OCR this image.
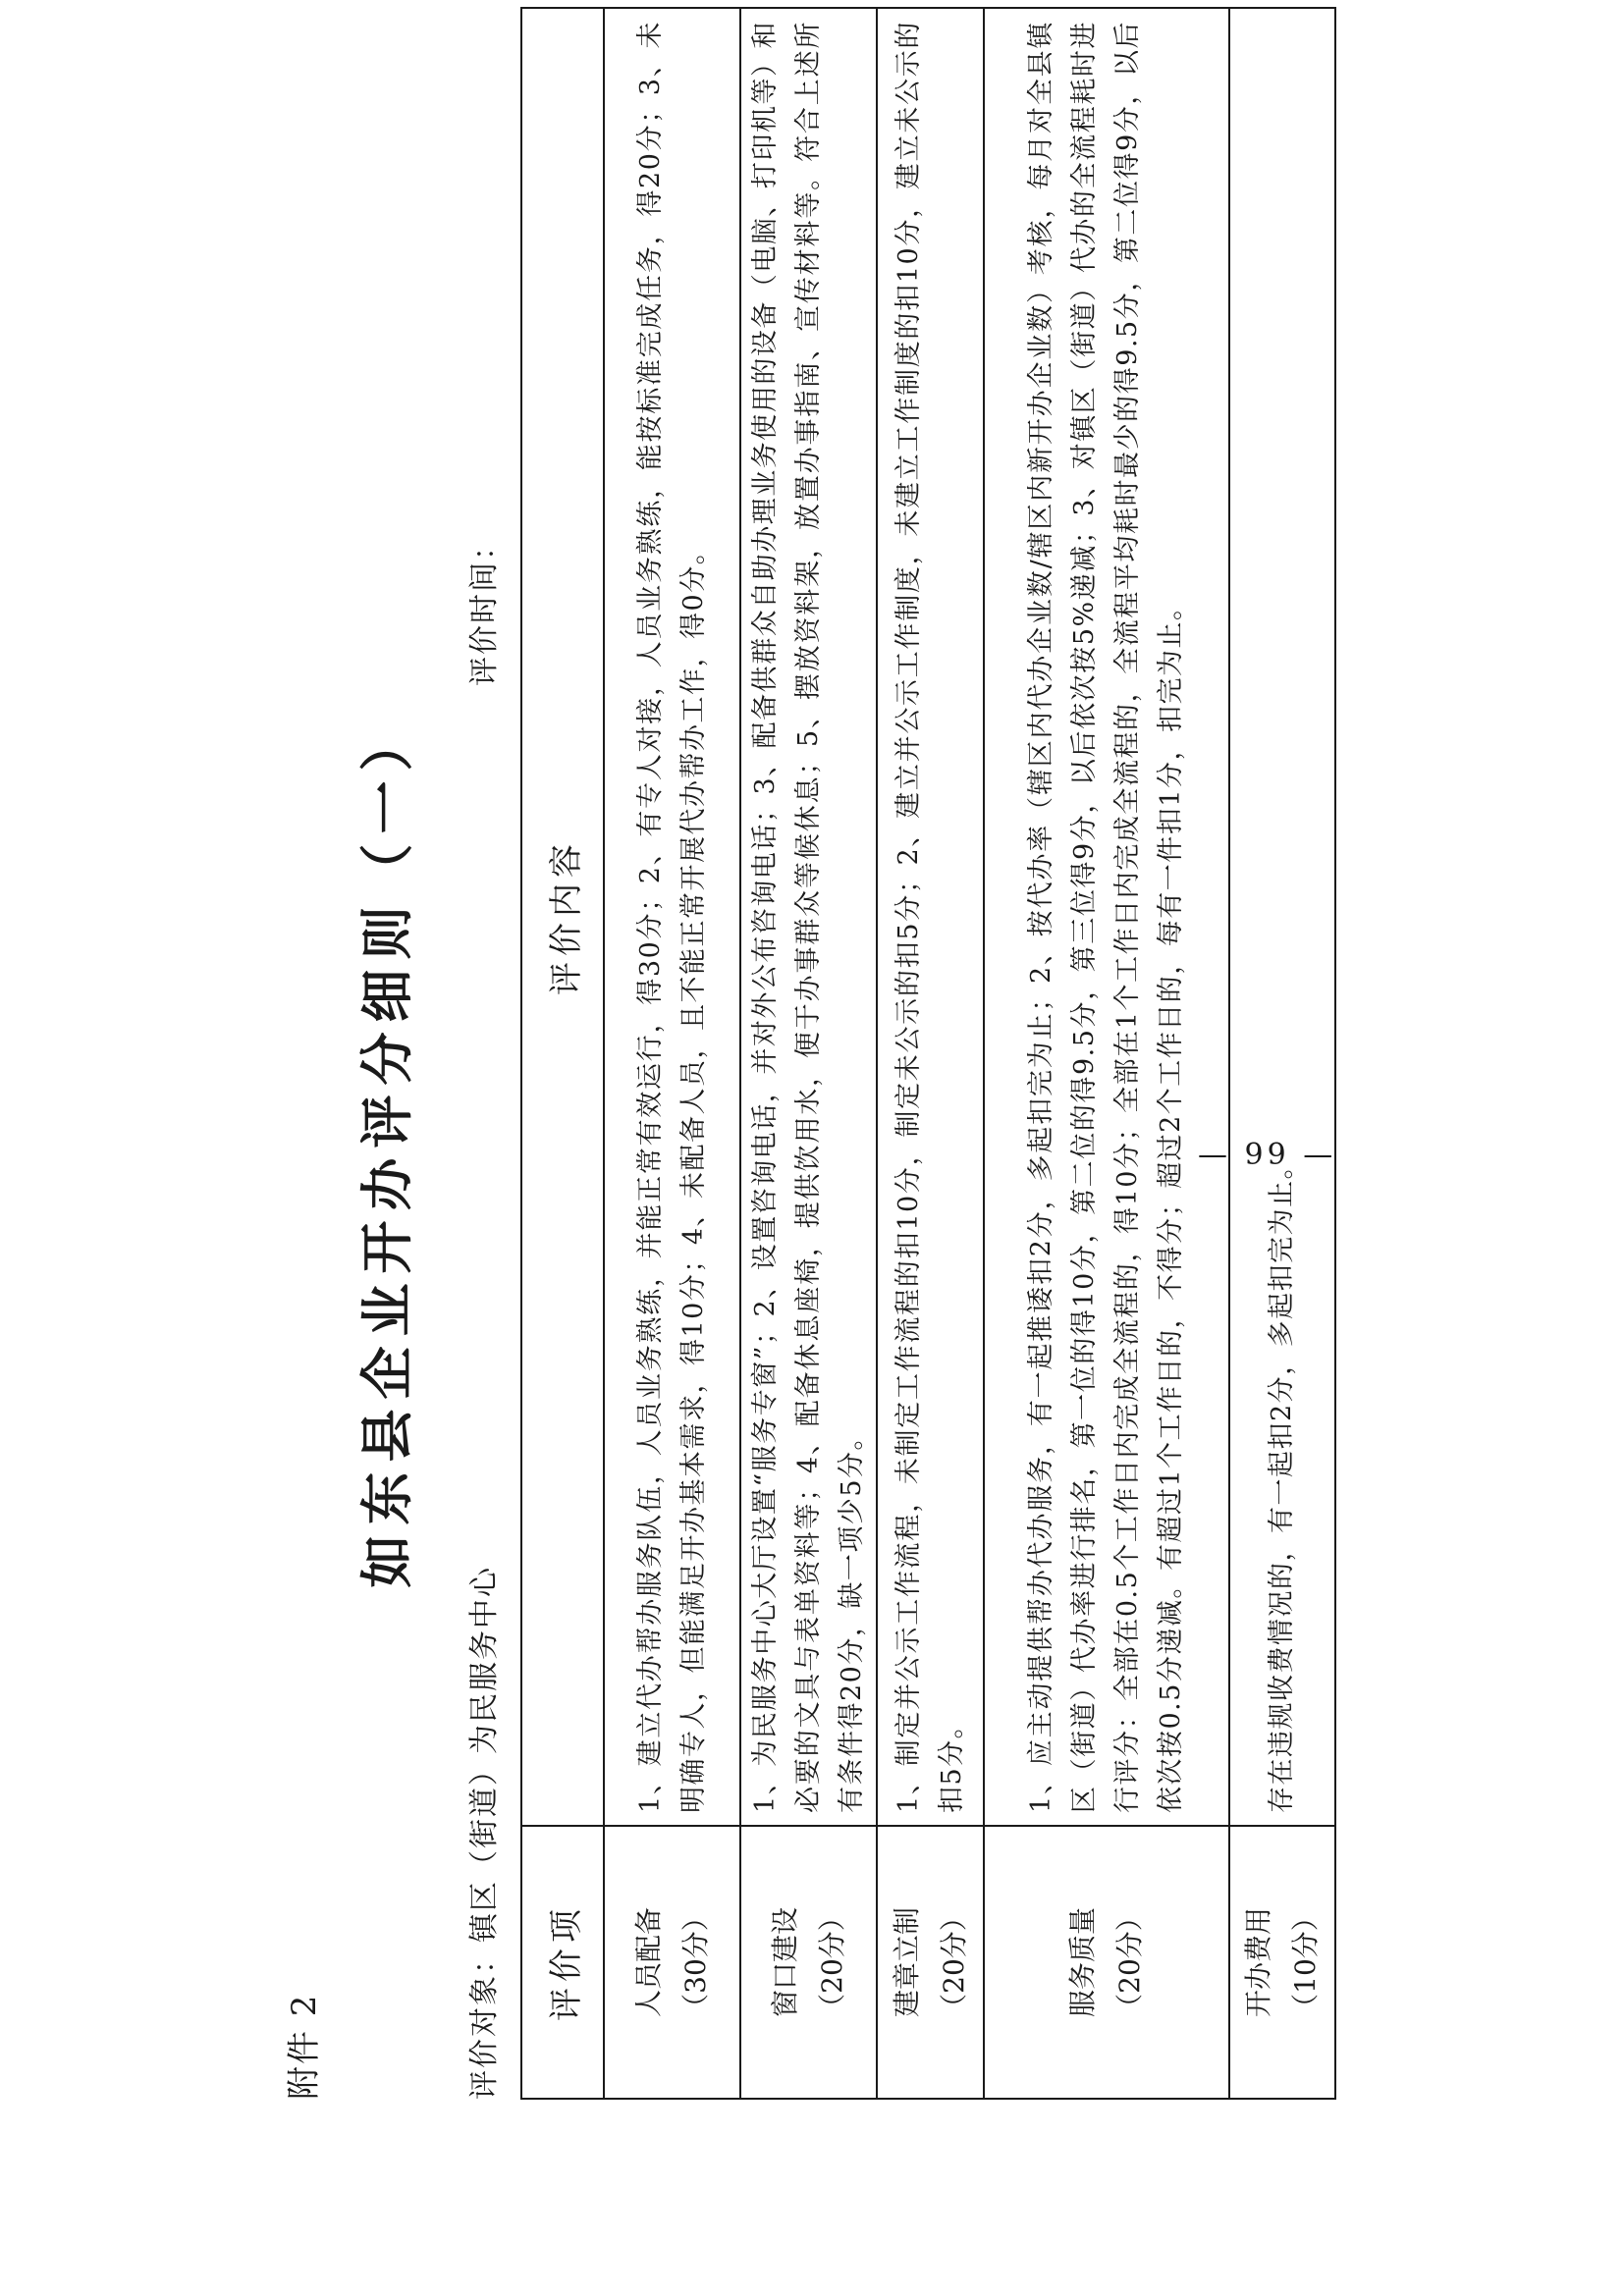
附件 2
如东县企业开办评分细则（一）
评价对象：镇区（街道）为民服务中心
评价时间：
评价项	评价内容

人员配备 （30分）	1、建立代办帮办服务队伍，人员业务熟练，并能正常有效运行，得30分；2、有专人对接，人员业务熟练，能按标准完成任务，得20分；3、未明确专人，但能满足开办基本需求，得10分；4、未配备人员，且不能正常开展代办帮办工作，得0分。

窗口建设 （20分）	1、为民服务中心大厅设置“服务专窗”；2、设置咨询电话，并对外公布咨询电话；3、配备供群众自助办理业务使用的设备（电脑、打印机等）和必要的文具与表单资料等；4、配备休息座椅，提供饮用水，便于办事群众等候休息；5、摆放资料架，放置办事指南、宣传材料等。符合上述所有条件得20分，缺一项少5分。

建章立制 （20分）	1、制定并公示工作流程，未制定工作流程的扣10分，制定未公示的扣5分；2、建立并公示工作制度，未建立工作制度的扣10分，建立未公示的扣5分。

服务质量 （20分）	1、应主动提供帮办代办服务，有一起推诿扣2分，多起扣完为止；2、按代办率（辖区内代办企业数/辖区内新开办企业数）考核，每月对全县镇区（街道）代办率进行排名，第一位的得10分，第二位的得9.5分，第三位得9分，以后依次按5%递减；3、对镇区（街道）代办的全流程耗时进行评分：全部在0.5个工作日内完成全流程的，得10分；全部在1个工作日内完成全流程的，全流程平均耗时最少的得9.5分，第二位得9分，以后依次按0.5分递减。有超过1个工作日的，不得分；超过2个工作日的，每有一件扣1分，扣完为止。

开办费用 （10分）	存在违规收费情况的，有一起扣2分，多起扣完为止。
— 99 —
